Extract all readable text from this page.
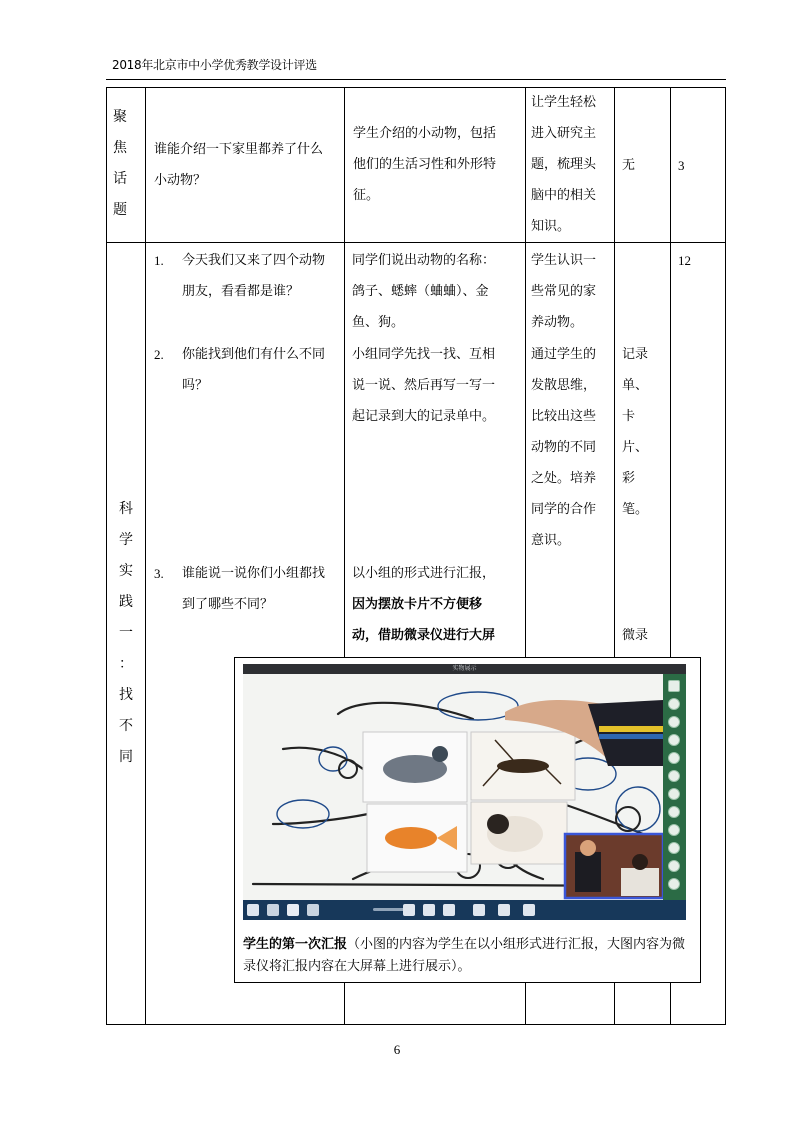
2018年北京市中小学优秀教学设计评选
聚
焦
话
题
谁能介绍一下家里都养了什么
小动物？
学生介绍的小动物，包括
他们的生活习性和外形特
征。
让学生轻松
进入研究主
题，梳理头
脑中的相关
知识。
无	3
科
学
实
践
一
：
找
不
同
1. 今天我们又来了四个动物
朋友，看看都是谁？
2. 你能找到他们有什么不同
吗？
3. 谁能说一说你们小组都找
到了哪些不同？
同学们说出动物的名称：
鸽子、蟋蟀（蛐蛐）、金
鱼、狗。
小组同学先找一找、互相
说一说、然后再写一写一
起记录到大的记录单中。
以小组的形式进行汇报，
因为摆放卡片不方便移
动，借助微录仪进行大屏
学生认识一
些常见的家
养动物。
通过学生的
发散思维，
比较出这些
动物的不同
之处。培养
同学的合作
意识。
记录
单、
卡
片、
彩
笔。
微录
12
实物展示
学生的第一次汇报（小图的内容为学生在以小组形式进行汇报，大图内容为微录仪将汇报内容在大屏幕上进行展示）。
6
